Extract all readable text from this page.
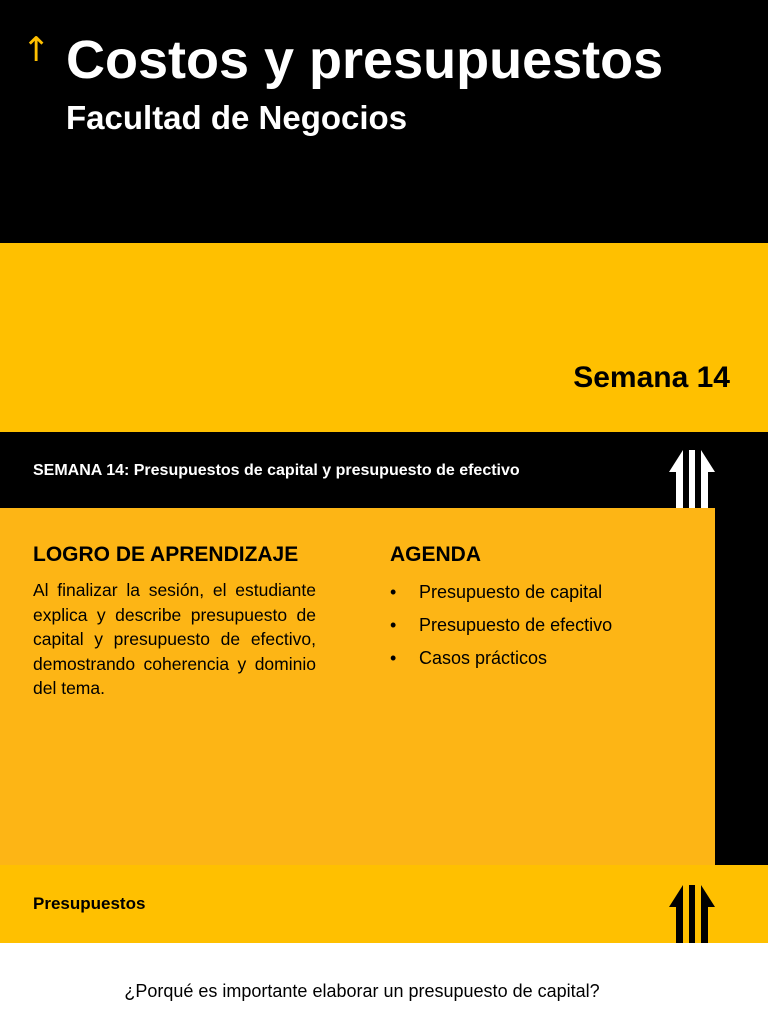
↑ Costos y presupuestos
Facultad de Negocios
Semana 14
SEMANA 14: Presupuestos de capital y presupuesto de efectivo
LOGRO DE APRENDIZAJE
Al finalizar la sesión, el estudiante explica y describe presupuesto de capital y presupuesto de efectivo, demostrando coherencia y dominio del tema.
AGENDA
• Presupuesto de capital
• Presupuesto de efectivo
• Casos prácticos
Presupuestos
¿Porqué es importante elaborar un presupuesto de capital?
